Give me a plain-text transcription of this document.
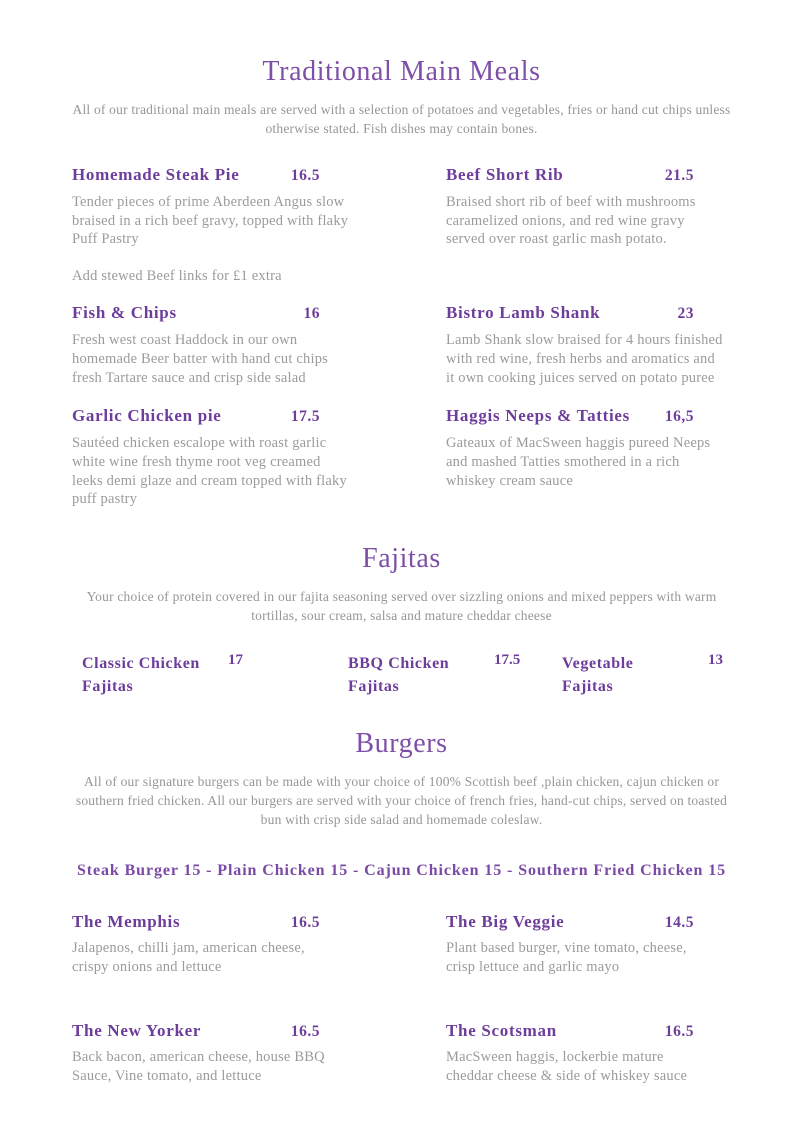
Traditional Main Meals

All of our traditional main meals are served with a selection of potatoes and vegetables, fries or hand cut chips unless otherwise stated. Fish dishes may contain bones.

Homemade Steak Pie	16.5

Tender pieces of prime Aberdeen Angus slow braised in a rich beef gravy, topped with flaky Puff Pastry

Add stewed Beef links for £1 extra

Beef Short Rib	21.5

Braised short rib of beef with mushrooms caramelized onions, and red wine gravy served over roast garlic mash potato.

Fish & Chips	16

Fresh west coast Haddock in our own homemade Beer batter with hand cut chips fresh Tartare sauce and crisp side salad

Bistro Lamb Shank	23

Lamb Shank slow braised for 4 hours finished with red wine, fresh herbs and aromatics and it own cooking juices served on potato puree

Garlic Chicken pie	17.5

Sautéed chicken escalope with roast garlic white wine fresh thyme root veg creamed leeks demi glaze and cream topped with flaky puff pastry

Haggis Neeps & Tatties 16,5

Gateaux of MacSween haggis pureed Neeps and mashed Tatties smothered in a rich whiskey cream sauce

Fajitas

Your choice of protein covered in our fajita seasoning served over sizzling onions and mixed peppers with warm tortillas, sour cream, salsa and mature cheddar cheese

Classic Chicken Fajitas
17	BBQ Chicken Fajitas
17.5	Vegetable Fajitas
13
Burgers

All of our signature burgers can be made with your choice of 100% Scottish beef ,plain chicken, cajun chicken or southern fried chicken. All our burgers are served with your choice of french fries, hand-cut chips, served on toasted bun with crisp side salad and homemade coleslaw.

Steak Burger 15 - Plain Chicken 15 - Cajun Chicken 15 - Southern Fried Chicken 15

The Memphis	16.5

Jalapenos, chilli jam, american cheese, crispy onions and lettuce

The Big Veggie	14.5

Plant based burger, vine tomato, cheese, crisp lettuce and garlic mayo

The New Yorker	16.5

Back bacon, american cheese, house BBQ Sauce, Vine tomato, and lettuce

The Scotsman	16.5

MacSween haggis, lockerbie mature cheddar cheese & side of whiskey sauce
